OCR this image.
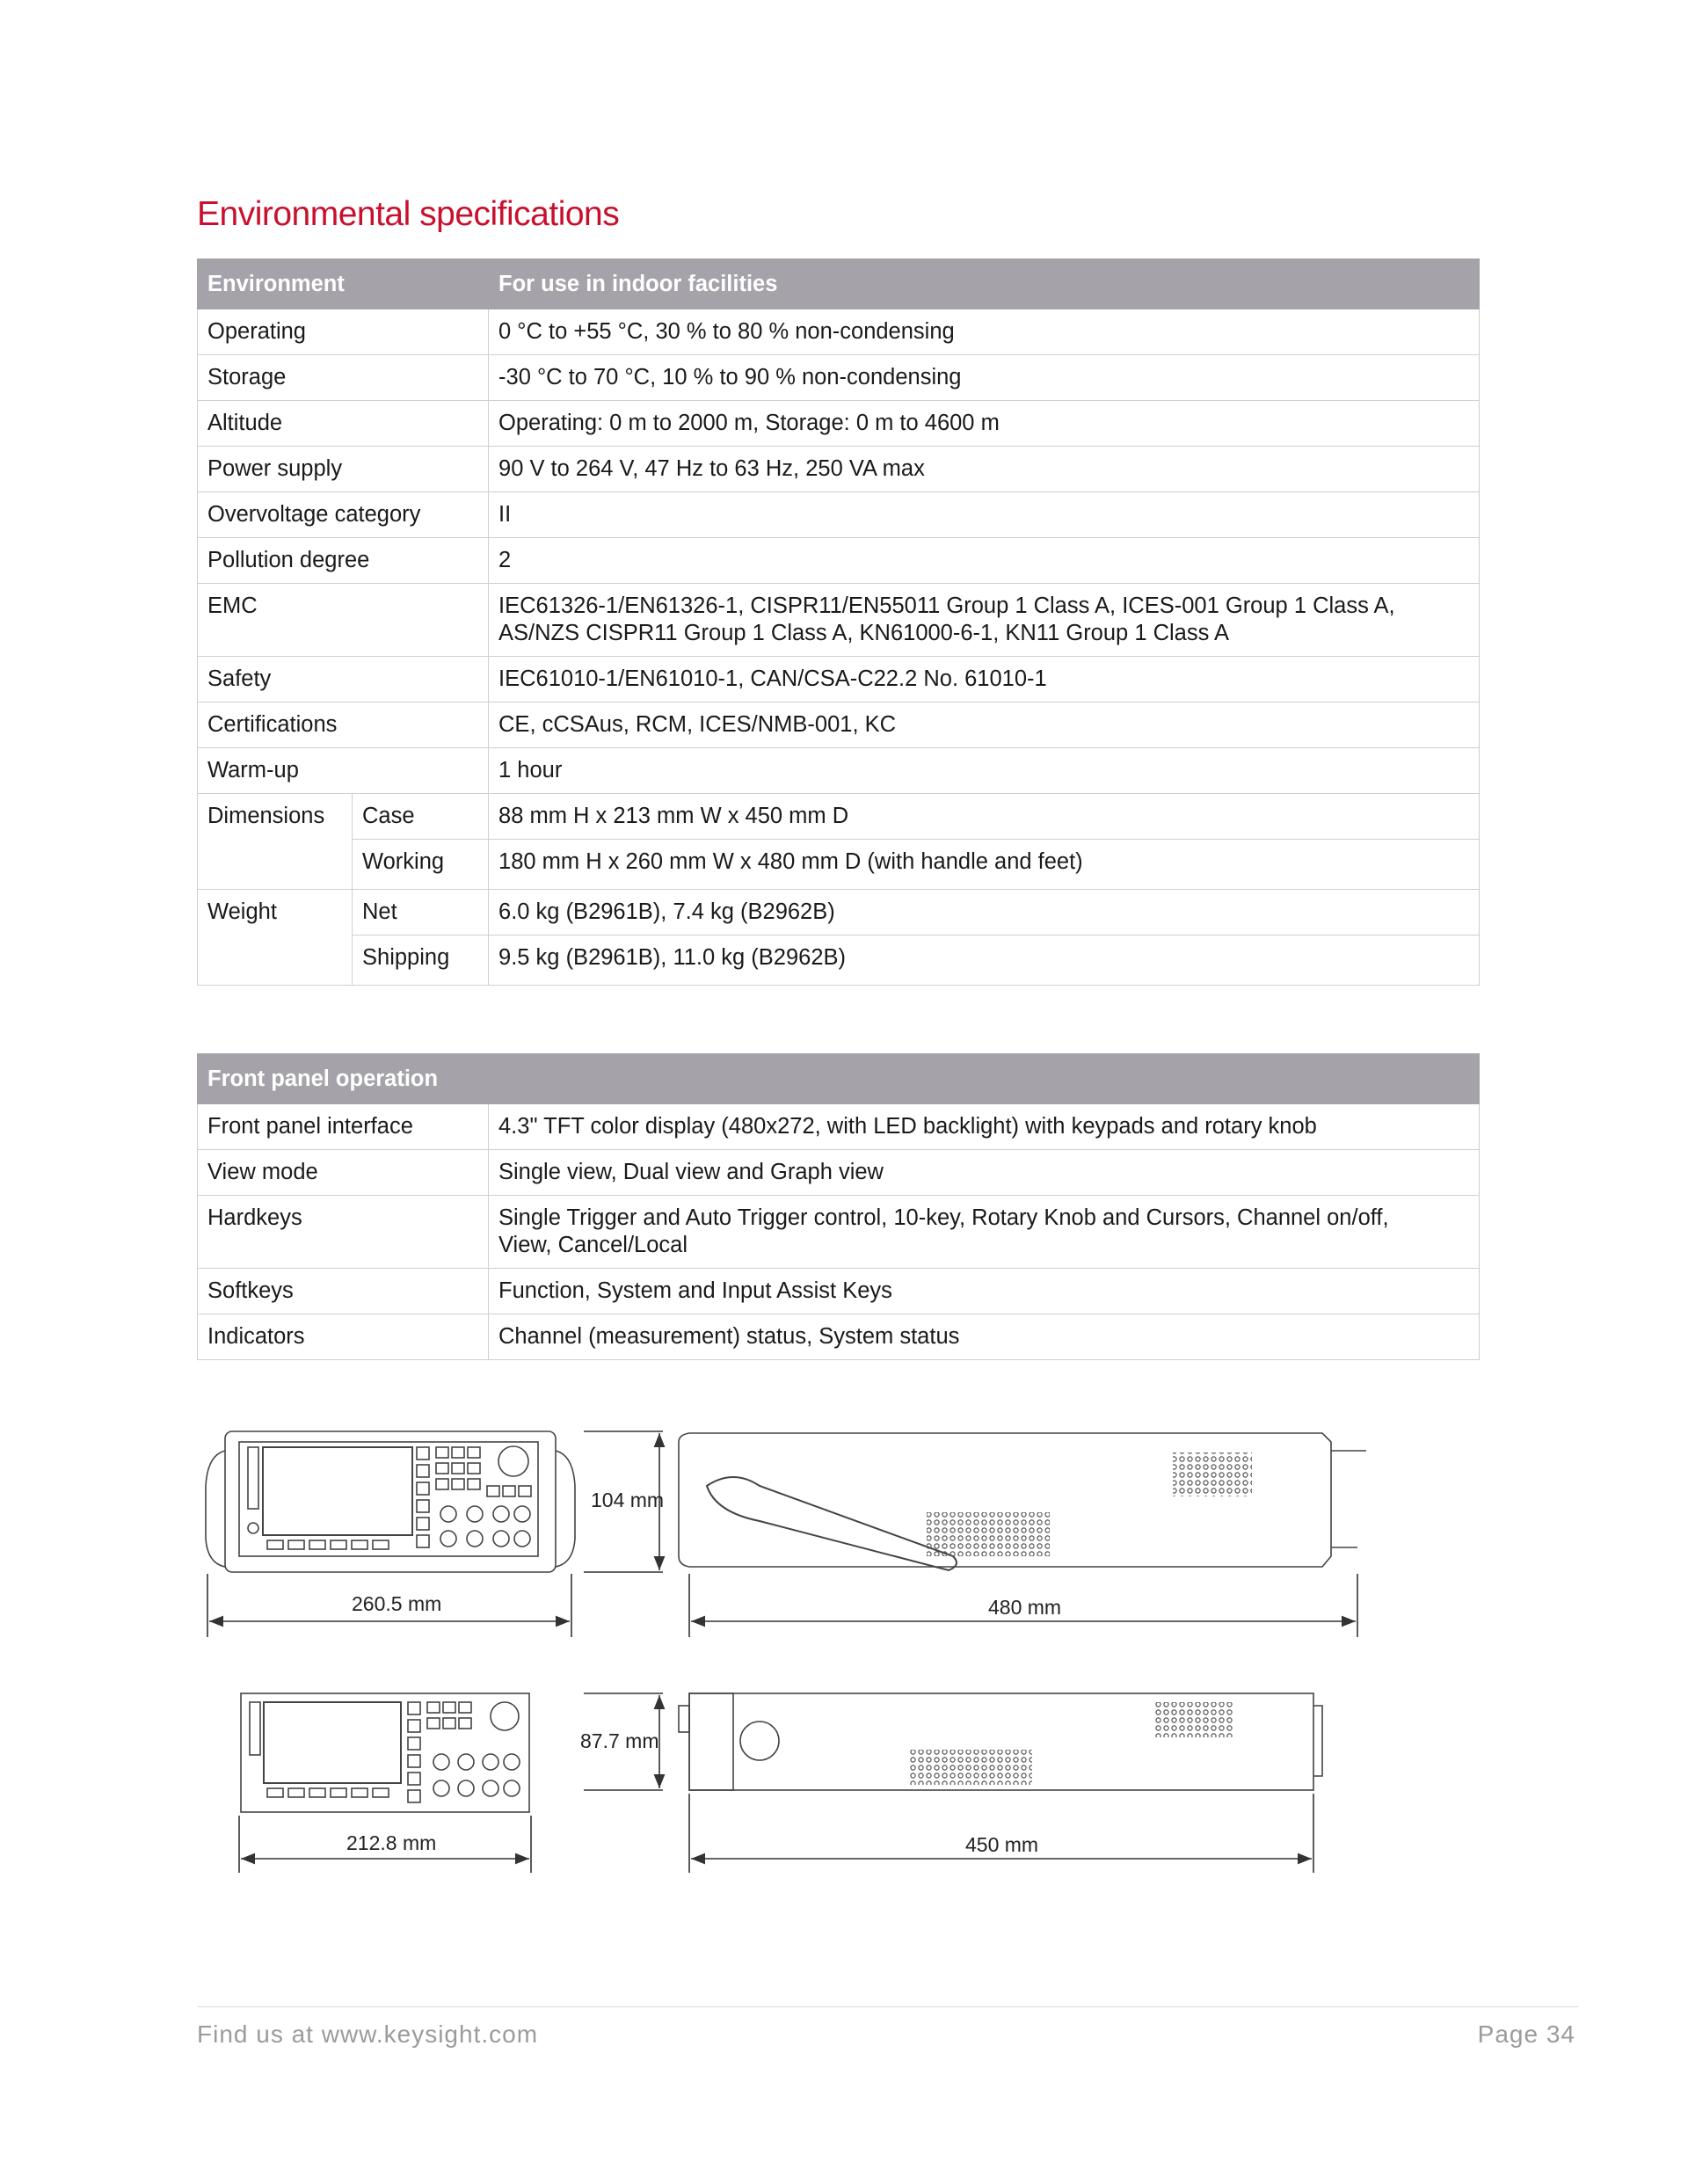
Environmental specifications
Environment		For use in indoor facilities
Operating		0 °C to +55 °C, 30 % to 80 % non-condensing
Storage		-30 °C to 70 °C, 10 % to 90 % non-condensing
Altitude		Operating: 0 m to 2000 m, Storage: 0 m to 4600 m
Power supply		90 V to 264 V, 47 Hz to 63 Hz, 250 VA max
Overvoltage category		II
Pollution degree		2
EMC		IEC61326-1/EN61326-1, CISPR11/EN55011 Group 1 Class A, ICES-001 Group 1 Class A, AS/NZS CISPR11 Group 1 Class A, KN61000-6-1, KN11 Group 1 Class A
Safety		IEC61010-1/EN61010-1, CAN/CSA-C22.2 No. 61010-1
Certifications		CE, cCSAus, RCM, ICES/NMB-001, KC
Warm-up		1 hour
Dimensions	Case	88 mm H x 213 mm W x 450 mm D
	Working	180 mm H x 260 mm W x 480 mm D (with handle and feet)
Weight	Net	6.0 kg (B2961B), 7.4 kg (B2962B)
	Shipping	9.5 kg (B2961B), 11.0 kg (B2962B)
Front panel operation	
Front panel interface	4.3" TFT color display (480x272, with LED backlight) with keypads and rotary knob
View mode	Single view, Dual view and Graph view
Hardkeys	Single Trigger and Auto Trigger control, 10-key, Rotary Knob and Cursors, Channel on/off, View, Cancel/Local
Softkeys	Function, System and Input Assist Keys
Indicators	Channel (measurement) status, System status
260.5 mm
104 mm
480 mm
212.8 mm
87.7 mm
450 mm
Find us at www.keysight.com	Page 34
